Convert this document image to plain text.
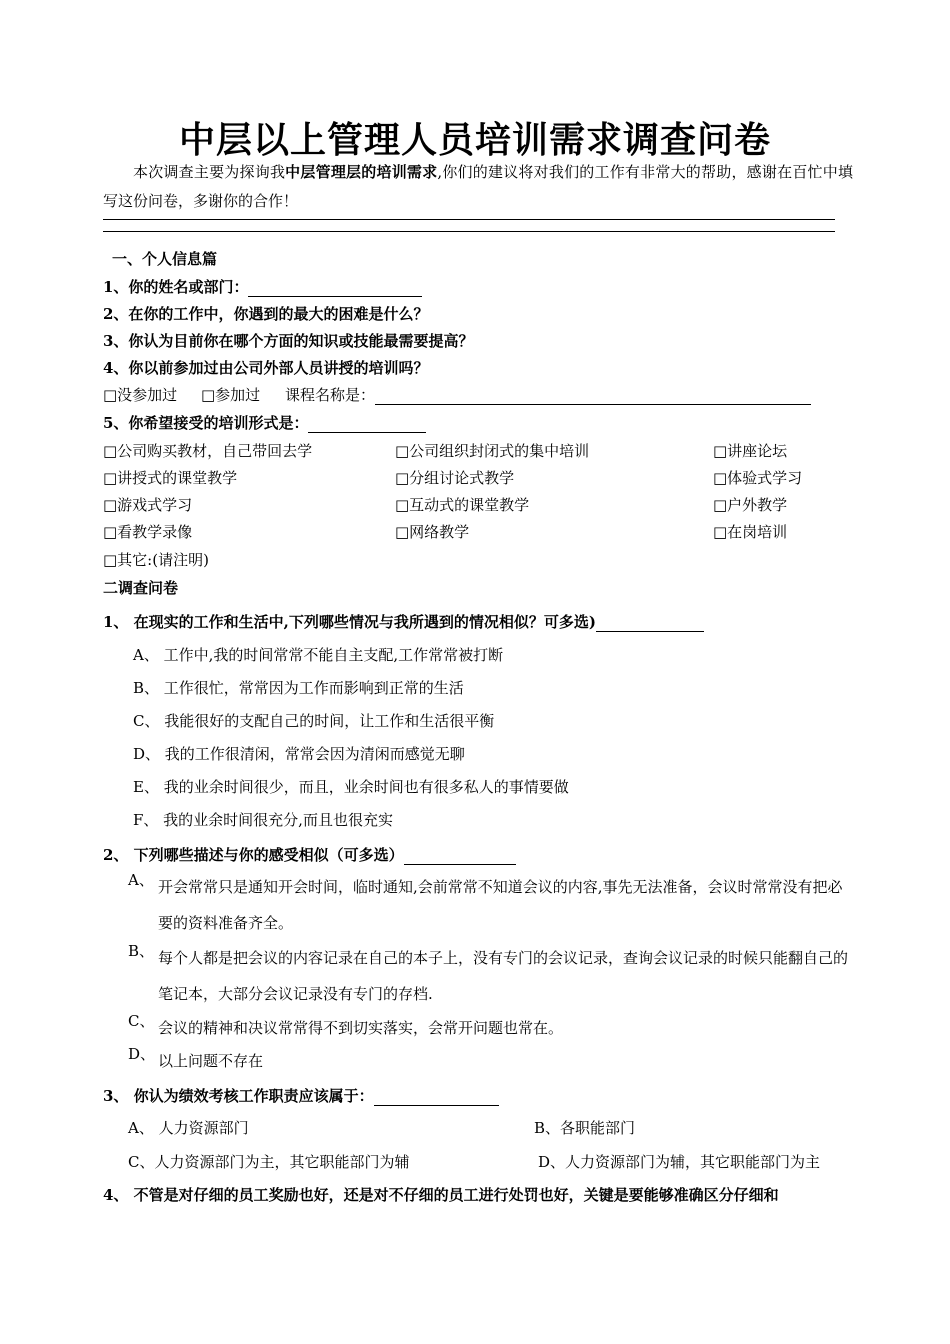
中层以上管理人员培训需求调查问卷
本次调查主要为探询我中层管理层的培训需求,你们的建议将对我们的工作有非常大的帮助，感谢在百忙中填写这份问卷，多谢你的合作！
一、个人信息篇
1、你的姓名或部门：
2、在你的工作中，你遇到的最大的困难是什么？
3、你认为目前你在哪个方面的知识或技能最需要提高？
4、你以前参加过由公司外部人员讲授的培训吗？
□没参加过 □参加过 课程名称是：
5、你希望接受的培训形式是：
□公司购买教材，自己带回去学	□公司组织封闭式的集中培训	□讲座论坛
□讲授式的课堂教学	□分组讨论式教学	□体验式学习
□游戏式学习	□互动式的课堂教学	□户外教学
□看教学录像	□网络教学	□在岗培训
□其它:(请注明)
二调查问卷
1、 在现实的工作和生活中,下列哪些情况与我所遇到的情况相似？可多选)
A、 工作中,我的时间常常不能自主支配,工作常常被打断
B、 工作很忙，常常因为工作而影响到正常的生活
C、 我能很好的支配自己的时间，让工作和生活很平衡
D、 我的工作很清闲，常常会因为清闲而感觉无聊
E、 我的业余时间很少，而且，业余时间也有很多私人的事情要做
F、 我的业余时间很充分,而且也很充实
2、 下列哪些描述与你的感受相似（可多选）
A、 开会常常只是通知开会时间，临时通知,会前常常不知道会议的内容,事先无法准备，会议时常常没有把必要的资料准备齐全。
B、 每个人都是把会议的内容记录在自己的本子上，没有专门的会议记录，查询会议记录的时候只能翻自己的笔记本，大部分会议记录没有专门的存档.
C、 会议的精神和决议常常得不到切实落实，会常开问题也常在。
D、 以上问题不存在
3、 你认为绩效考核工作职责应该属于：
A、 人力资源部门	B、各职能部门
C、人力资源部门为主，其它职能部门为辅	D、人力资源部门为辅，其它职能部门为主
4、 不管是对仔细的员工奖励也好，还是对不仔细的员工进行处罚也好，关键是要能够准确区分仔细和
